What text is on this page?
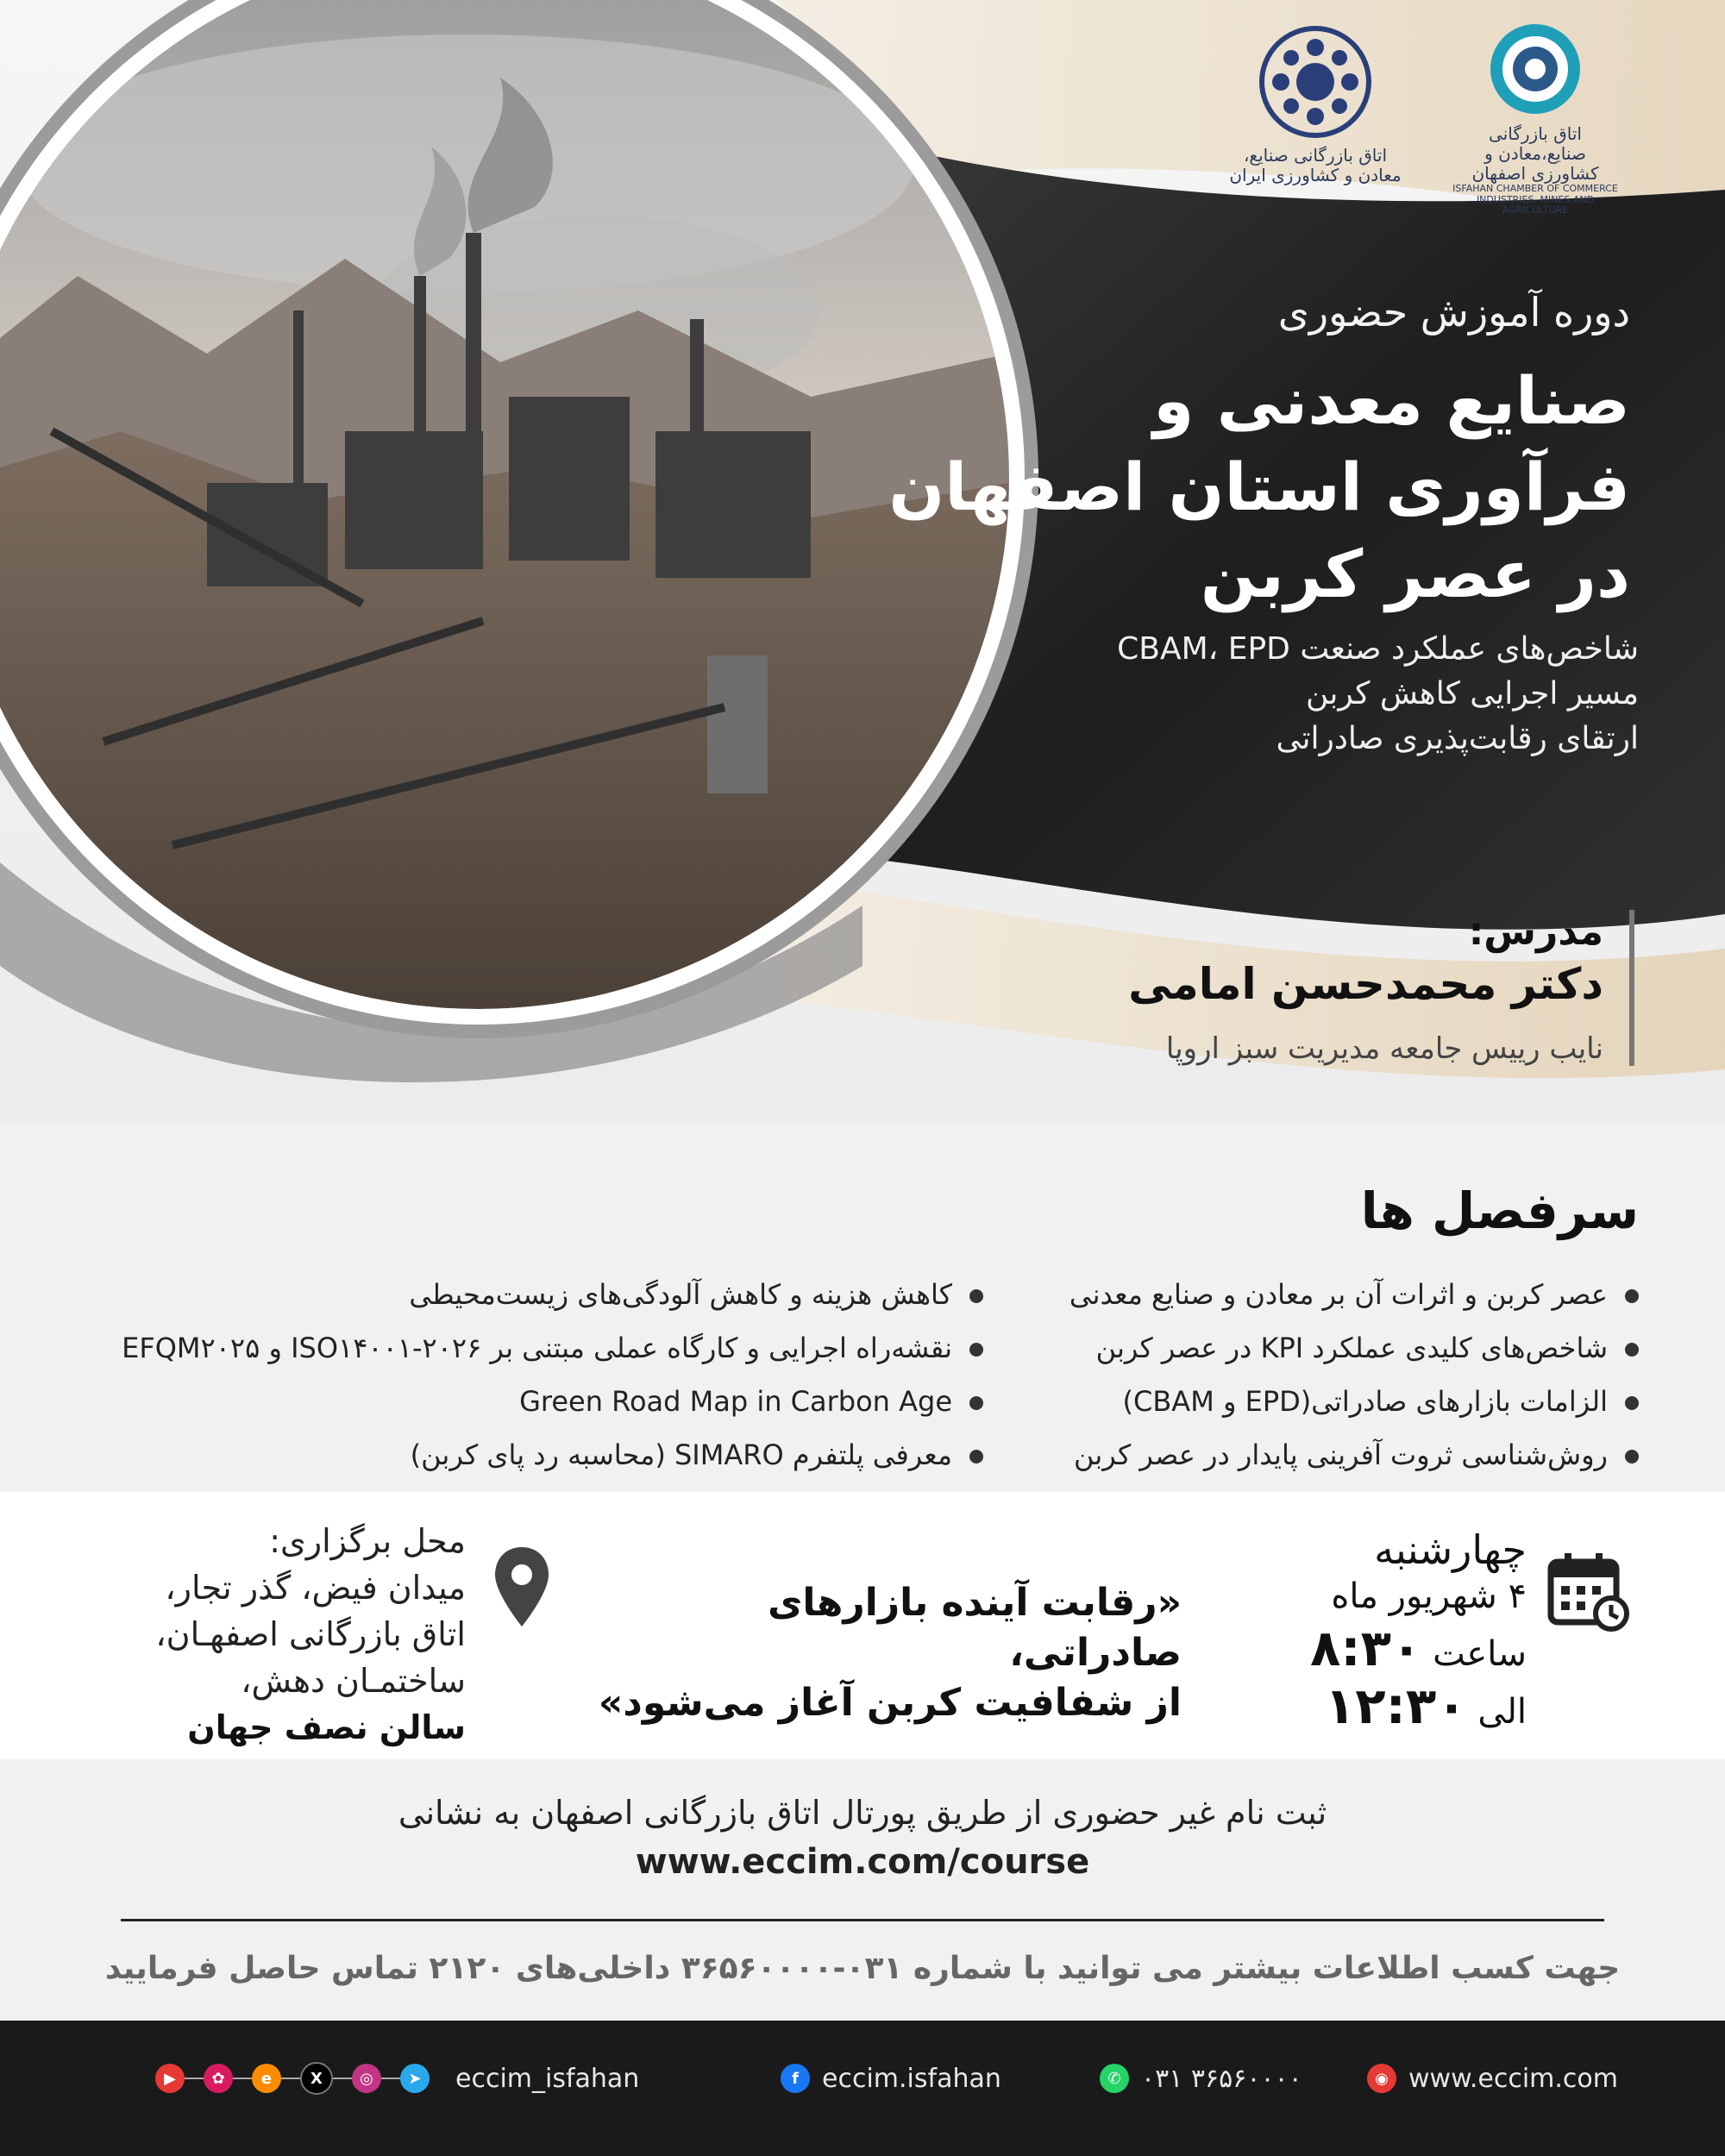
اتاق بازرگانی صنایع، معادن و کشاورزی ایران
اتاق بازرگانی صنایع،معادن و کشاورزی اصفهان
ISFAHAN CHAMBER OF COMMERCE INDUSTRIES, MINES AND AGRICULTURE
دوره آموزش حضوری
صنایع معدنی و
فرآوری استان اصفهان
در عصر کربن
شاخص‌های عملکرد صنعت CBAM، EPD
مسیر اجرایی کاهش کربن
ارتقای رقابت‌پذیری صادراتی
مدرس:
دکتر محمدحسن امامی
نایب رییس جامعه مدیریت سبز اروپا
سرفصل ها
عصر کربن و اثرات آن بر معادن و صنایع معدنی
شاخص‌های کلیدی عملکرد KPI در عصر کربن
الزامات بازارهای صادراتی(EPD و CBAM)
روش‌شناسی ثروت آفرینی پایدار در عصر کربن
کاهش هزینه و کاهش آلودگی‌های زیست‌محیطی
نقشه‌راه اجرایی و کارگاه عملی مبتنی بر ISO۱۴۰۰۱-۲۰۲۶ و EFQM۲۰۲۵
Green Road Map in Carbon Age
معرفی پلتفرم SIMARO (محاسبه رد پای کربن)
چهارشنبه
۴ شهریور ماه
ساعت ۸:۳۰
الی ۱۲:۳۰
«رقابت آینده بازارهای صادراتی،
از شفافیت کربن آغاز می‌شود»
محل برگزاری:
میدان فیض، گذر تجار،
اتاق بازرگانی اصفهـان،
ساختمـان دهش،
سالن نصف جهان
ثبت نام غیر حضوری از طریق پورتال اتاق بازرگانی اصفهان به نشانی
www.eccim.com/course
جهت کسب اطلاعات بیشتر می توانید با شماره ۰۳۱-۳۶۵۶۰۰۰۰ داخلی‌های ۲۱۲۰ تماس حاصل فرمایید
▶	✿	e	X	◎	➤	eccim_isfahan	f eccim.isfahan	✆ ۰۳۱ ۳۶۵۶۰۰۰۰	◉ www.eccim.com
